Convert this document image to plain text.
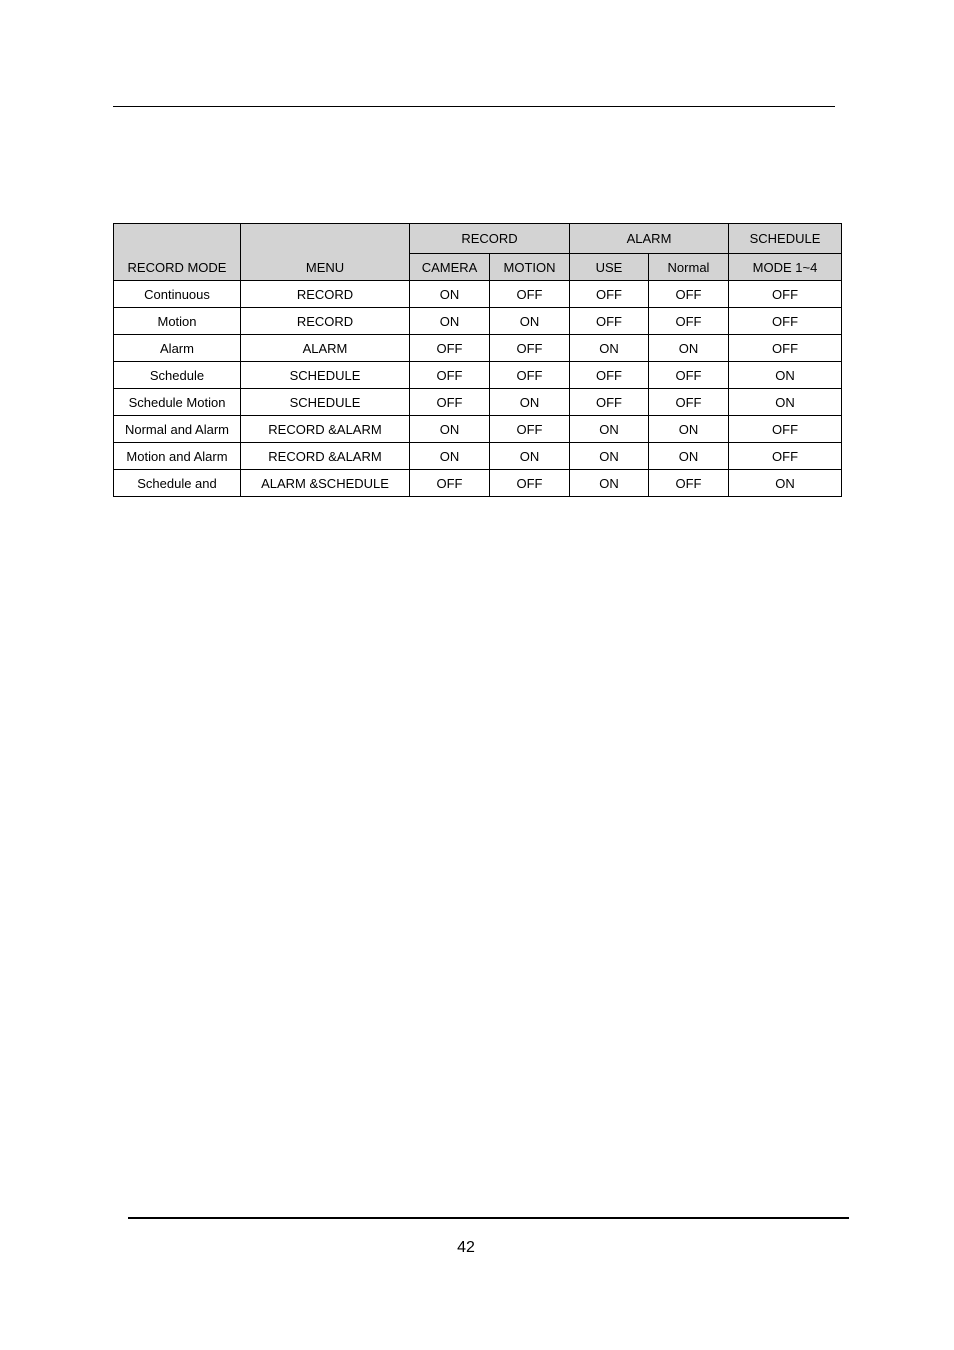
RECORD MODE	MENU	RECORD		ALARM		SCHEDULE
		CAMERA	MOTION	USE	Normal	MODE 1~4
Continuous	RECORD	ON	OFF	OFF	OFF	OFF
Motion	RECORD	ON	ON	OFF	OFF	OFF
Alarm	ALARM	OFF	OFF	ON	ON	OFF
Schedule	SCHEDULE	OFF	OFF	OFF	OFF	ON
Schedule Motion	SCHEDULE	OFF	ON	OFF	OFF	ON
Normal and Alarm	RECORD &ALARM	ON	OFF	ON	ON	OFF
Motion and Alarm	RECORD &ALARM	ON	ON	ON	ON	OFF
Schedule and	ALARM &SCHEDULE	OFF	OFF	ON	OFF	ON
42
